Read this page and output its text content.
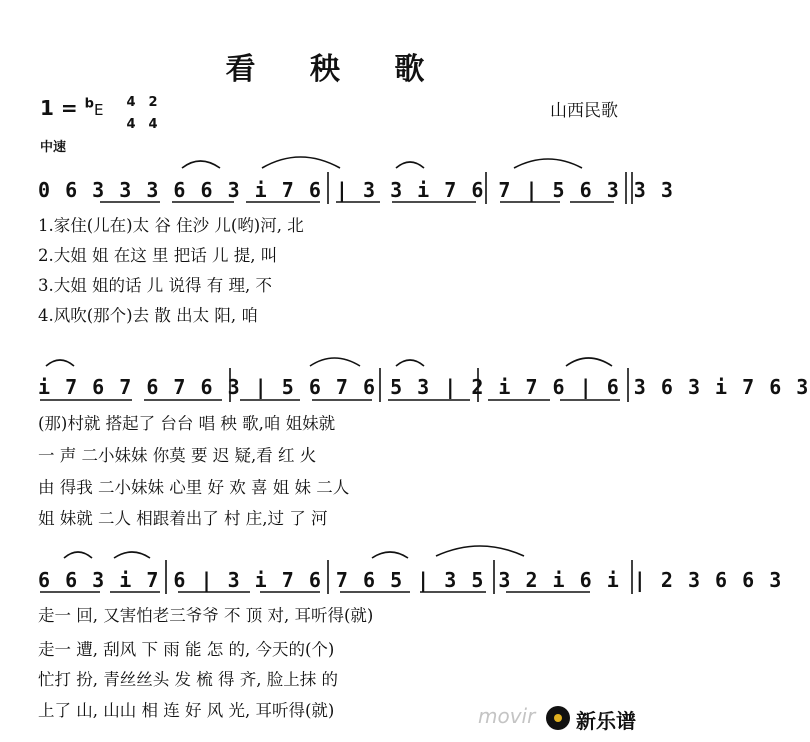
看 秧 歌
1 = $^b$E 4
4
2
4
山西民歌
中速
0 6 3 3 3 6 6 3 i 7 6 | 3 3 i 7 6 7 | 5 6 3 3 3
1.家住(儿在)太 谷 住沙 儿(哟)河, 北
2.大姐 姐 在这 里 把话 儿 提, 叫
3.大姐 姐的话 儿 说得 有 理, 不
4.风吹(那个)去 散 出太 阳, 咱
i 7 6 7 6 7 6 3 | 5 6 7 6 5 3 | 2 i 7 6 | 6 3 6 3 i 7 6 3
(那)村就 搭起了 台台 唱 秧 歌,咱 姐妹就
一 声 二小妹妹 你莫 要 迟 疑,看 红 火
由 得我 二小妹妹 心里 好 欢 喜 姐 妹 二人
姐 妹就 二人 相跟着出了 村 庄,过 了 河
6 6 3 i 7 6 | 3 i 7 6 7 6 5 | 3 5 3 2 i 6 i | 2 3 6 6 3
走一 回, 又害怕老三爷爷 不 顶 对, 耳听得(就)
走一 遭, 刮风 下 雨 能 怎 的, 今天的(个)
忙打 扮, 青丝丝头 发 梳 得 齐, 脸上抹 的
上了 山, 山山 相 连 好 风 光, 耳听得(就)	movir 新乐谱
